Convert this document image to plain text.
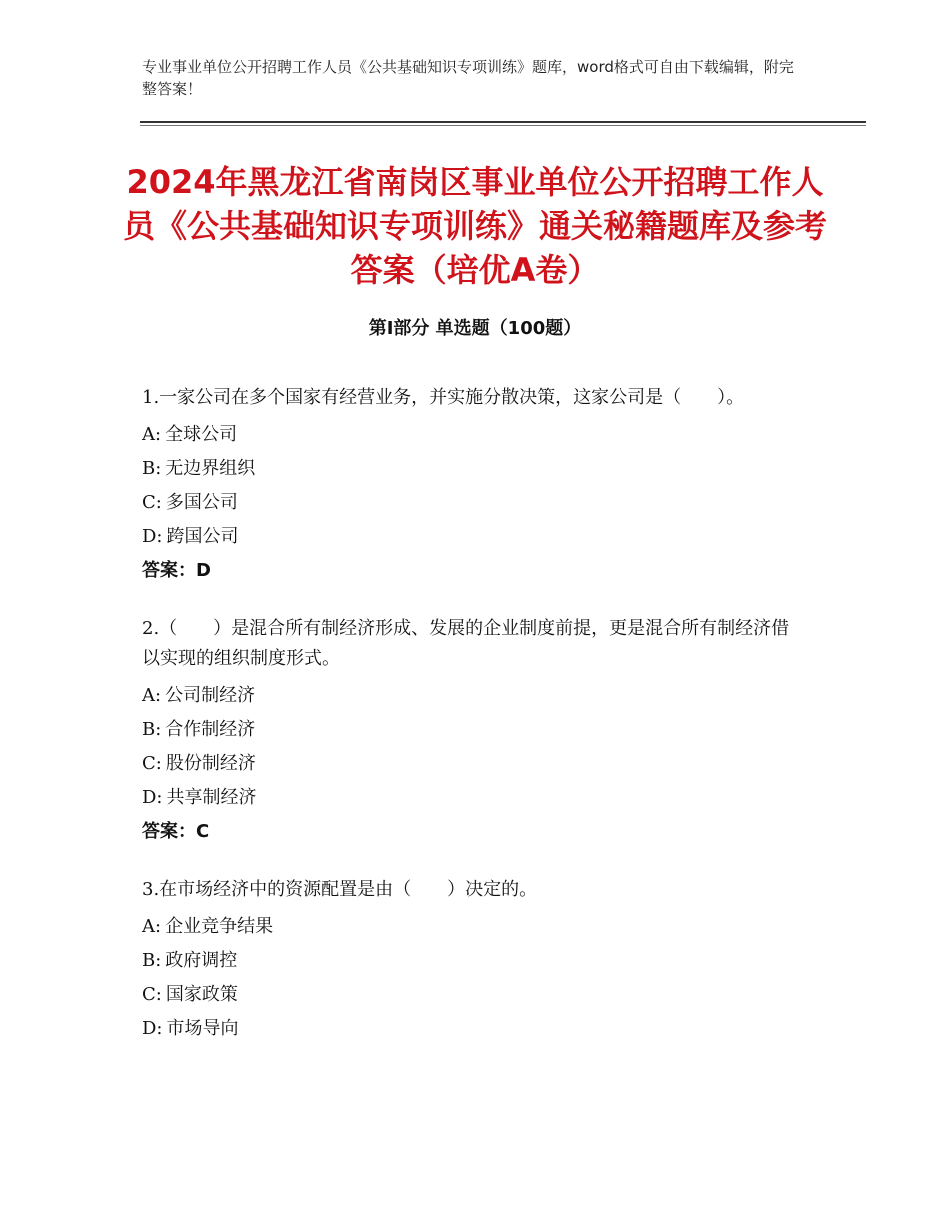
专业事业单位公开招聘工作人员《公共基础知识专项训练》题库，word格式可自由下载编辑，附完整答案！
2024年黑龙江省南岗区事业单位公开招聘工作人员《公共基础知识专项训练》通关秘籍题库及参考答案（培优A卷）
第Ⅰ部分 单选题（100题）
1.一家公司在多个国家有经营业务，并实施分散决策，这家公司是（　　）。
A: 全球公司
B: 无边界组织
C: 多国公司
D: 跨国公司
答案：D
2.（　　）是混合所有制经济形成、发展的企业制度前提，更是混合所有制经济借以实现的组织制度形式。
A: 公司制经济
B: 合作制经济
C: 股份制经济
D: 共享制经济
答案：C
3.在市场经济中的资源配置是由（　　）决定的。
A: 企业竞争结果
B: 政府调控
C: 国家政策
D: 市场导向
